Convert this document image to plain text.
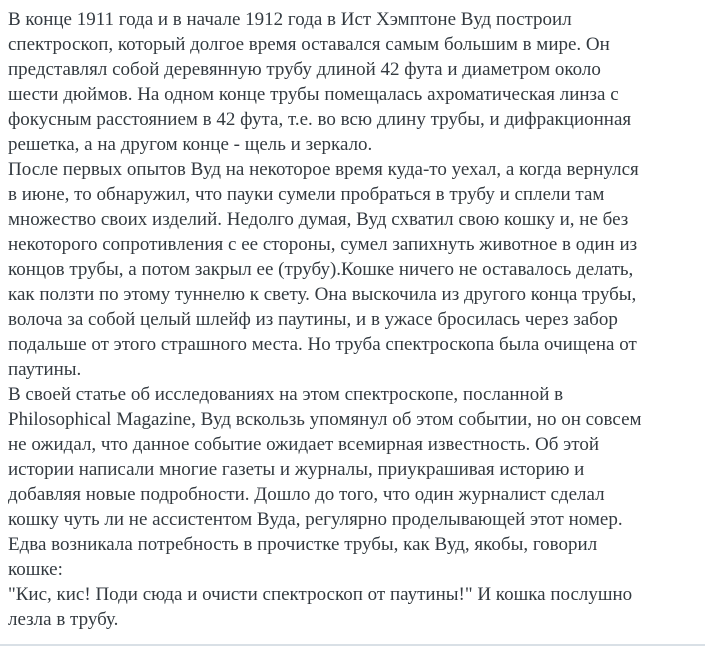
В конце 1911 года и в начале 1912 года в Ист Хэмптоне Вуд построил
спектроскоп, который долгое время оставался самым большим в мире. Он
представлял собой деревянную трубу длиной 42 фута и диаметром около
шести дюймов. На одном конце трубы помещалась ахроматическая линза с
фокусным расстоянием в 42 фута, т.е. во всю длину трубы, и дифракционная
решетка, а на другом конце - щель и зеркало.

После первых опытов Вуд на некоторое время куда-то уехал, а когда вернулся
в июне, то обнаружил, что пауки сумели пробраться в трубу и сплели там
множество своих изделий. Недолго думая, Вуд схватил свою кошку и, не без
некоторого сопротивления с ее стороны, сумел запихнуть животное в один из
концов трубы, а потом закрыл ее (трубу).Кошке ничего не оставалось делать,
как ползти по этому туннелю к свету. Она выскочила из другого конца трубы,
волоча за собой целый шлейф из паутины, и в ужасе бросилась через забор
подальше от этого страшного места. Но труба спектроскопа была очищена от
паутины.

В своей статье об исследованиях на этом спектроскопе, посланной в
Philosophical Magazine, Вуд вскользь упомянул об этом событии, но он совсем
не ожидал, что данное событие ожидает всемирная известность. Об этой
истории написали многие газеты и журналы, приукрашивая историю и
добавляя новые подробности. Дошло до того, что один журналист сделал
кошку чуть ли не ассистентом Вуда, регулярно проделывающей этот номер.
Едва возникала потребность в прочистке трубы, как Вуд, якобы, говорил
кошке:

"Кис, кис! Поди сюда и очисти спектроскоп от паутины!" И кошка послушно
лезла в трубу.
